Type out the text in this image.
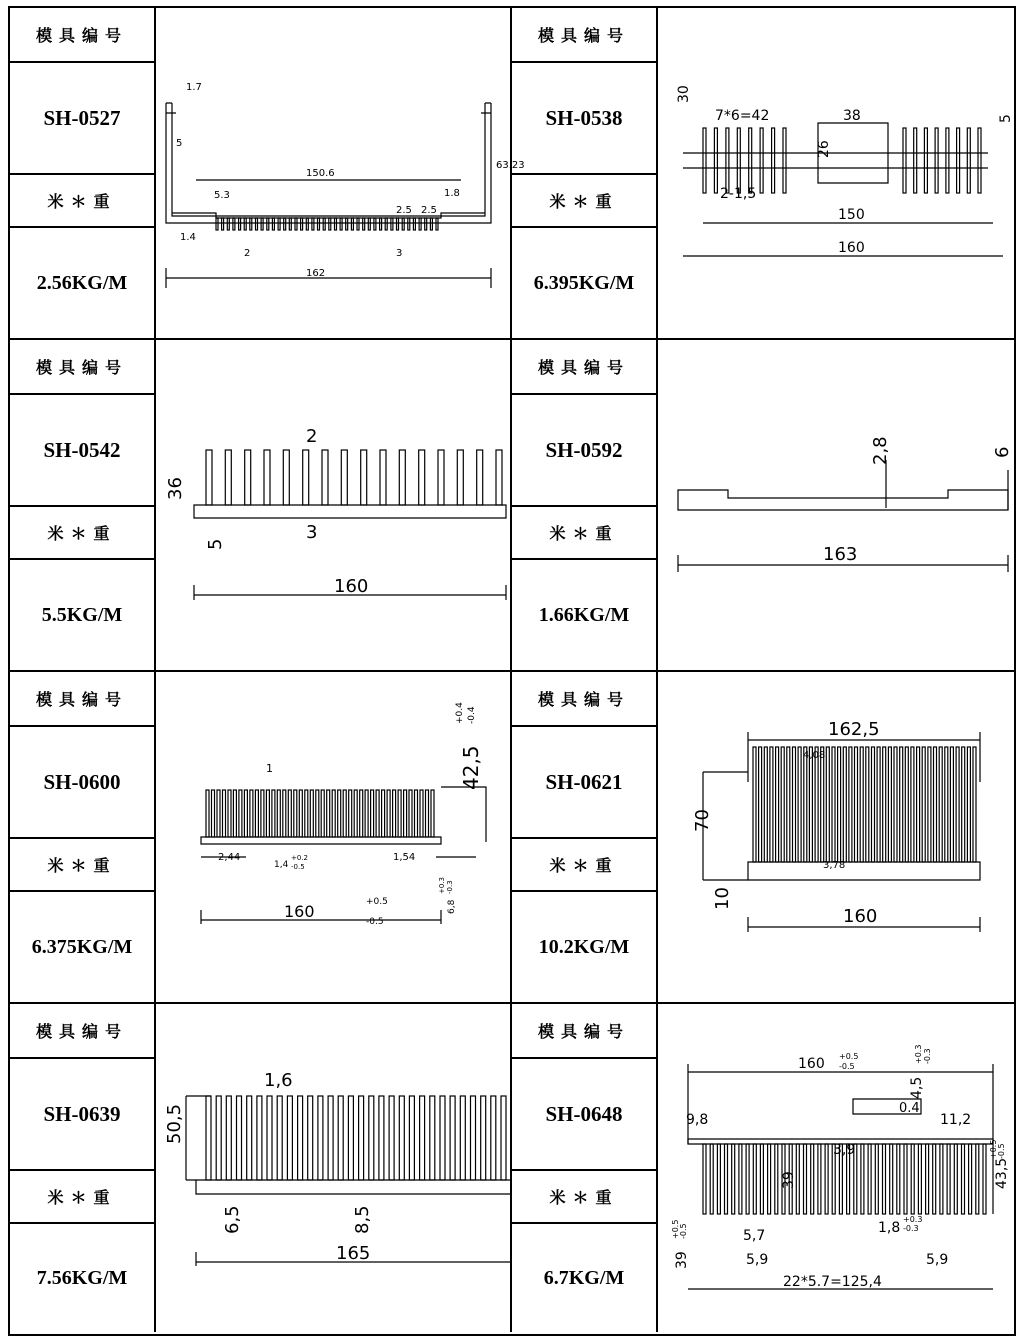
模具编号
SH-0527
米＊重
2.56KG/M
150.6
162
1.7
5
5.3	1.8
63.23
2.5 2.5
1.4
2	3
模具编号
SH-0538
米＊重
6.395KG/M
150
160
7*6=42	38
26
30
5
2-1,5
模具编号
SH-0542
米＊重
5.5KG/M
160
2
3
36
5
模具编号
SH-0592
米＊重
1.66KG/M
163
2,8	6
模具编号
SH-0600
米＊重
6.375KG/M
160	+0.5
-0.5
1
2,44
1,4
+0.2
-0.5
1,54
42,5
+0.4 -0.4
6,8
+0.3 -0.3
模具编号
SH-0621
米＊重
10.2KG/M
162,5
4,08
70
3,78
10
160
模具编号
SH-0639
米＊重
7.56KG/M
165
1,6
50,5
6,5	8,5
模具编号
SH-0648
米＊重
6.7KG/M
160 +0.5
-0.5
4,5
+0.3 -0.3
9,8
0.4
11,2
3,9
43,5
+0.5 -0.5
39
1,8
+0.3
-0.3
5,7
39
+0.5 -0.5
5,9	5,9
22*5.7=125,4
